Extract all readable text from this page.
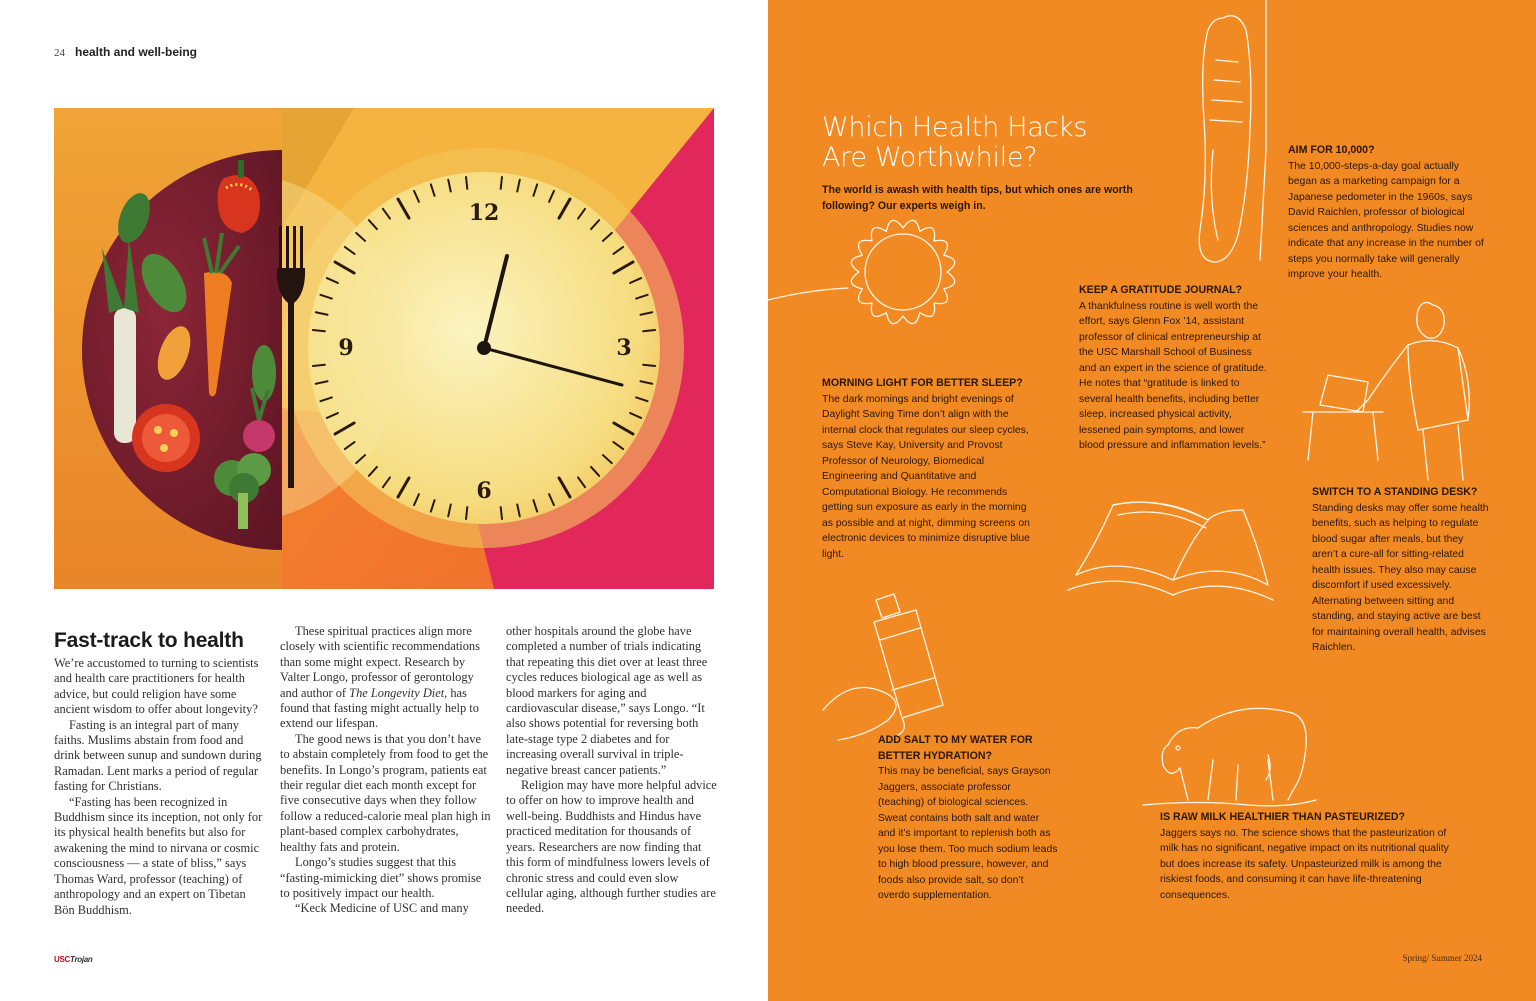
24 health and well-being
12
3
6
9
Fast-track to health

We’re accustomed to turning to scientists and health care practitioners for health advice, but could religion have some ancient wisdom to offer about longevity?

Fasting is an integral part of many faiths. Muslims abstain from food and drink between sunup and sundown during Ramadan. Lent marks a period of regular fasting for Christians.

“Fasting has been recognized in Buddhism since its inception, not only for its physical health benefits but also for awakening the mind to nirvana or cosmic consciousness — a state of bliss,” says Thomas Ward, professor (teaching) of anthropology and an expert on Tibetan Bön Buddhism.

These spiritual practices align more closely with scientific recommendations than some might expect. Research by Valter Longo, professor of gerontology and author of The Longevity Diet, has found that fasting might actually help to extend our lifespan.

The good news is that you don’t have to abstain completely from food to get the benefits. In Longo’s program, patients eat their regular diet each month except for five consecutive days when they follow follow a reduced-calorie meal plan high in plant-based complex carbohydrates, healthy fats and protein.

Longo’s studies suggest that this “fasting-mimicking diet” shows promise to positively impact our health.

“Keck Medicine of USC and many

other hospitals around the globe have completed a number of trials indicating that repeating this diet over at least three cycles reduces biological age as well as blood markers for aging and cardiovascular disease,” says Longo. “It also shows potential for reversing both late-stage type 2 diabetes and for increasing overall survival in triple-negative breast cancer patients.”

Religion may have more helpful advice to offer on how to improve health and well-being. Buddhists and Hindus have practiced meditation for thousands of years. Researchers are now finding that this form of mindfulness lowers levels of chronic stress and could even slow cellular aging, although further studies are needed.

USCTrojan
Which Health Hacks
Are Worthwhile?
The world is awash with health tips, but which ones are worth following? Our experts weigh in.
AIM FOR 10,000?

The 10,000-steps-a-day goal actually began as a marketing campaign for a Japanese pedometer in the 1960s, says David Raichlen, professor of biological sciences and anthropology. Studies now indicate that any increase in the number of steps you normally take will generally improve your health.

KEEP A GRATITUDE JOURNAL?

A thankfulness routine is well worth the effort, says Glenn Fox ’14, assistant professor of clinical entrepreneurship at the USC Marshall School of Business and an expert in the science of gratitude. He notes that “gratitude is linked to several health benefits, including better sleep, increased physical activity, lessened pain symptoms, and lower blood pressure and inflammation levels.”

MORNING LIGHT FOR BETTER SLEEP?

The dark mornings and bright evenings of Daylight Saving Time don’t align with the internal clock that regulates our sleep cycles, says Steve Kay, University and Provost Professor of Neurology, Biomedical Engineering and Quantitative and Computational Biology. He recommends getting sun exposure as early in the morning as possible and at night, dimming screens on electronic devices to minimize disruptive blue light.

SWITCH TO A STANDING DESK?

Standing desks may offer some health benefits, such as helping to regulate blood sugar after meals, but they aren’t a cure-all for sitting-related health issues. They also may cause discomfort if used excessively. Alternating between sitting and standing, and staying active are best for maintaining overall health, advises Raichlen.

ADD SALT TO MY WATER FOR BETTER HYDRATION?

This may be beneficial, says Grayson Jaggers, associate professor (teaching) of biological sciences. Sweat contains both salt and water and it’s important to replenish both as you lose them. Too much sodium leads to high blood pressure, however, and foods also provide salt, so don’t overdo supplementation.

IS RAW MILK HEALTHIER THAN PASTEURIZED?

Jaggers says no. The science shows that the pasteurization of milk has no significant, negative impact on its nutritional quality but does increase its safety. Unpasteurized milk is among the riskiest foods, and consuming it can have life-threatening consequences.

Spring/ Summer 2024
